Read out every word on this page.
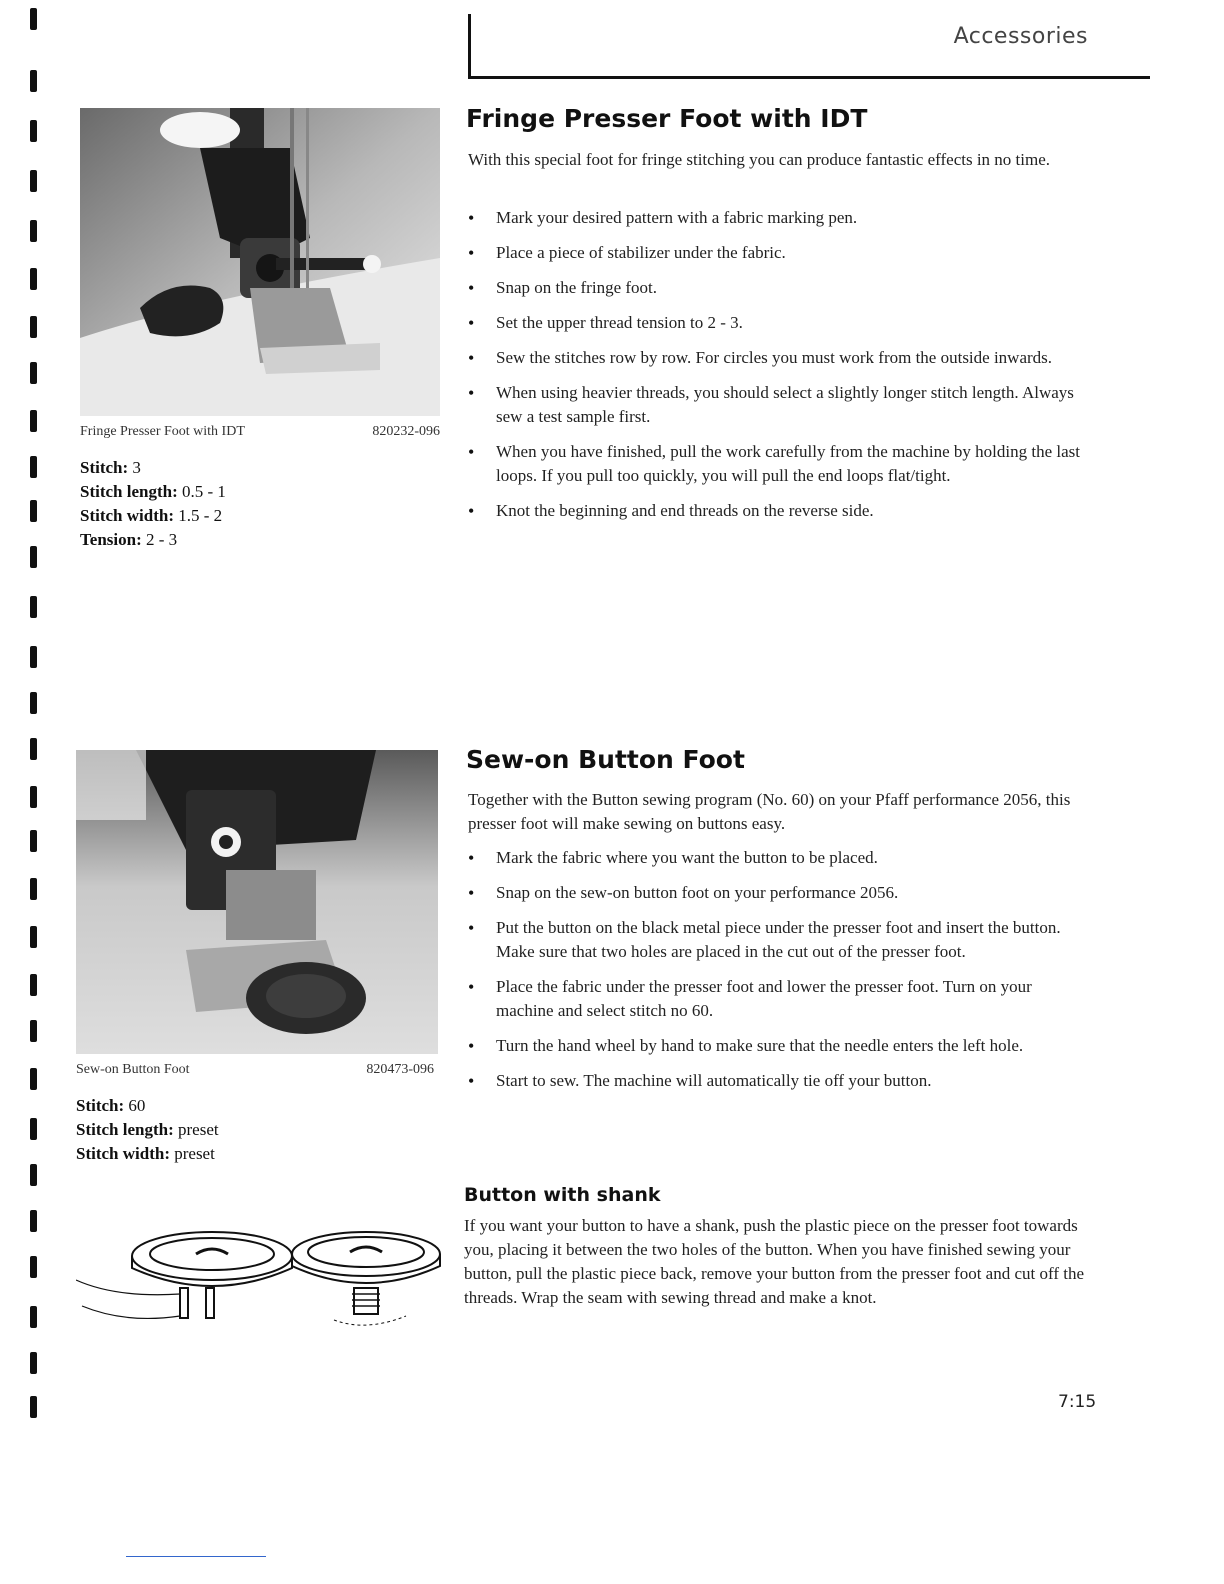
Accessories
Fringe Presser Foot with IDT	820232-096
Stitch: 3
Stitch length: 0.5 - 1
Stitch width: 1.5 - 2
Tension: 2 - 3
Fringe Presser Foot with IDT
With this special foot for fringe stitching you can produce fantastic effects in no time.
• Mark your desired pattern with a fabric marking pen.
• Place a piece of stabilizer under the fabric.
• Snap on the fringe foot.
• Set the upper thread tension to 2 - 3.
• Sew the stitches row by row. For circles you must work from the outside inwards.
• When using heavier threads, you should select a slightly longer stitch length. Always sew a test sample first.
• When you have finished, pull the work carefully from the machine by holding the last loops. If you pull too quickly, you will pull the end loops flat/tight.
• Knot the beginning and end threads on the reverse side.
Sew-on Button Foot	820473-096
Stitch: 60
Stitch length: preset
Stitch width: preset
Sew-on Button Foot
Together with the Button sewing program (No. 60) on your Pfaff performance 2056, this presser foot will make sewing on buttons easy.
• Mark the fabric where you want the button to be placed.
• Snap on the sew-on button foot on your performance 2056.
• Put the button on the black metal piece under the presser foot and insert the button. Make sure that two holes are placed in the cut out of the presser foot.
• Place the fabric under the presser foot and lower the presser foot. Turn on your machine and select stitch no 60.
• Turn the hand wheel by hand to make sure that the needle enters the left hole.
• Start to sew. The machine will automatically tie off your button.
Button with shank
If you want your button to have a shank, push the plastic piece on the presser foot towards you, placing it between the two holes of the button. When you have finished sewing your button, pull the plastic piece back, remove your button from the presser foot and cut off the threads. Wrap the seam with sewing thread and make a knot.
7:15
